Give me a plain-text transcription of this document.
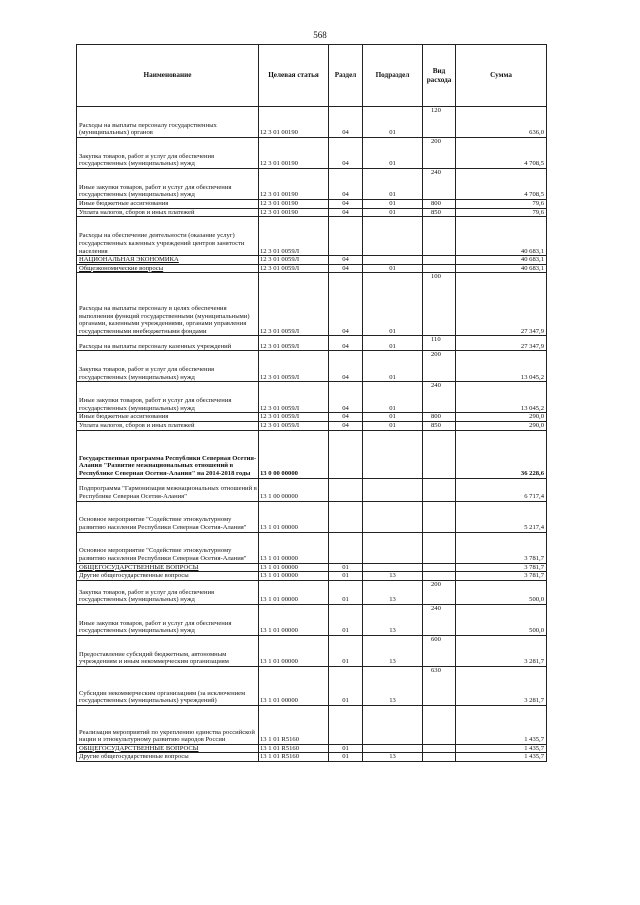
568
Наименование	Целевая статья	Раздел	Подраздел	Вид расхода	Сумма
Расходы на выплаты персоналу государственных (муниципальных) органов	12 3 01 00190	04	01	120	636,0
Закупка товаров, работ и услуг для обеспечения государственных (муниципальных) нужд	12 3 01 00190	04	01	200	4 708,5
Иные закупки товаров, работ и услуг для обеспечения государственных (муниципальных) нужд	12 3 01 00190	04	01	240	4 708,5
Иные бюджетные ассигнования	12 3 01 00190	04	01	800	79,6
Уплата налогов, сборов и иных платежей	12 3 01 00190	04	01	850	79,6
Расходы на обеспечение деятельности (оказание услуг) государственных казенных учреждений центров занятости населения	12 3 01 0059Л				40 683,1
НАЦИОНАЛЬНАЯ ЭКОНОМИКА	12 3 01 0059Л	04			40 683,1
Общеэкономические вопросы	12 3 01 0059Л	04	01		40 683,1
Расходы на выплаты персоналу в целях обеспечения выполнения функций государственными (муниципальными) органами, казенными учреждениями, органами управления государственными внебюджетными фондами	12 3 01 0059Л	04	01	100	27 347,9
Расходы на выплаты персоналу казенных учреждений	12 3 01 0059Л	04	01	110	27 347,9
Закупка товаров, работ и услуг для обеспечения государственных (муниципальных) нужд	12 3 01 0059Л	04	01	200	13 045,2
Иные закупки товаров, работ и услуг для обеспечения государственных (муниципальных) нужд	12 3 01 0059Л	04	01	240	13 045,2
Иные бюджетные ассигнования	12 3 01 0059Л	04	01	800	290,0
Уплата налогов, сборов и иных платежей	12 3 01 0059Л	04	01	850	290,0
Государственная программа Республики Северная Осетия-Алания "Развитие межнациональных отношений в Республике Северная Осетия-Алания" на 2014-2018 годы	13 0 00 00000				36 228,6
Подпрограмма "Гармонизация межнациональных отношений в Республике Северная Осетия-Алания"	13 1 00 00000				6 717,4
Основное мероприятие "Содействие этнокультурному развитию населения Республики Северная Осетия-Алания"	13 1 01 00000				5 217,4
Основное мероприятие "Содействие этнокультурному развитию населения Республики Северная Осетия-Алания"	13 1 01 00000				3 781,7
ОБЩЕГОСУДАРСТВЕННЫЕ ВОПРОСЫ	13 1 01 00000	01			3 781,7
Другие общегосударственные вопросы	13 1 01 00000	01	13		3 781,7
Закупка товаров, работ и услуг для обеспечения государственных (муниципальных) нужд	13 1 01 00000	01	13	200	500,0
Иные закупки товаров, работ и услуг для обеспечения государственных (муниципальных) нужд	13 1 01 00000	01	13	240	500,0
Предоставление субсидий бюджетным, автономным учреждениям и иным некоммерческим организациям	13 1 01 00000	01	13	600	3 281,7
Субсидии некоммерческим организациям (за исключением государственных (муниципальных) учреждений)	13 1 01 00000	01	13	630	3 281,7
Реализация мероприятий по укреплению единства российской нации и этнокультурному развитию народов России	13 1 01 R5160				1 435,7
ОБЩЕГОСУДАРСТВЕННЫЕ ВОПРОСЫ	13 1 01 R5160	01			1 435,7
Другие общегосударственные вопросы	13 1 01 R5160	01	13		1 435,7
